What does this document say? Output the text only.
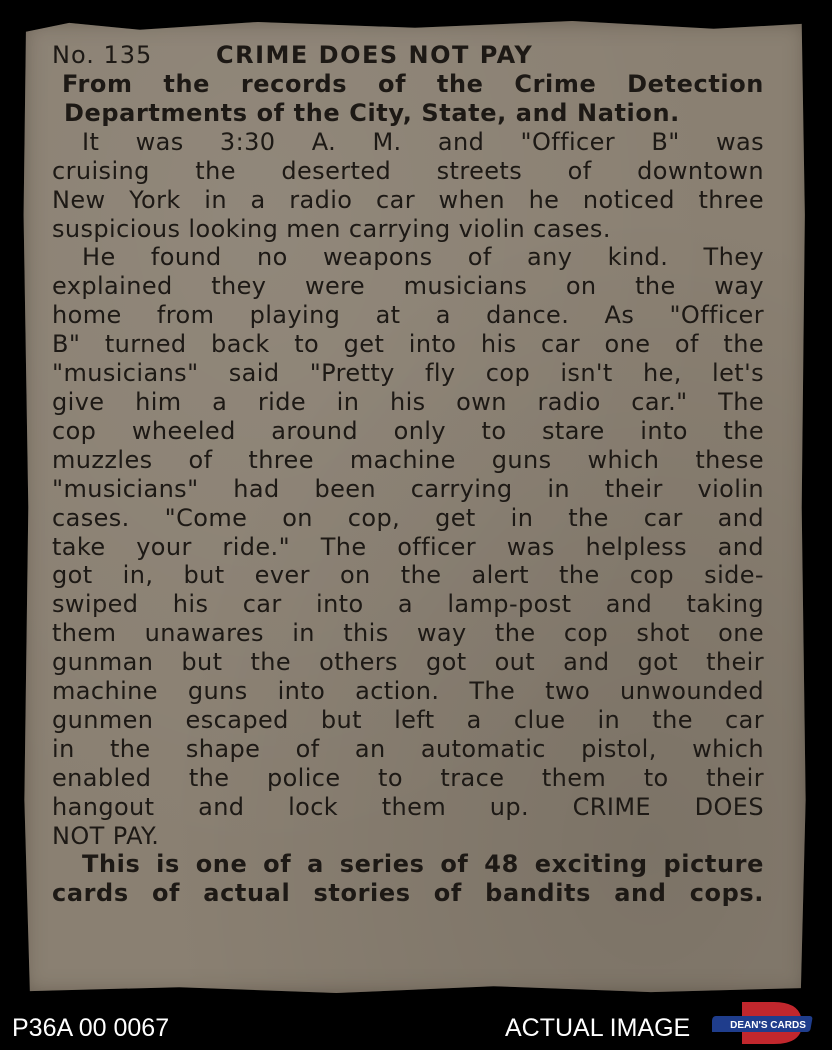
No. 135	CRIME DOES NOT PAY
From the records of the Crime Detection
Departments of the City, State, and Nation.
It was 3:30 A. M. and "Officer B" was
cruising the deserted streets of downtown
New York in a radio car when he noticed three
suspicious looking men carrying violin cases.
He found no weapons of any kind. They
explained they were musicians on the way
home from playing at a dance. As "Officer
B" turned back to get into his car one of the
"musicians" said "Pretty fly cop isn't he, let's
give him a ride in his own radio car." The
cop wheeled around only to stare into the
muzzles of three machine guns which these
"musicians" had been carrying in their violin
cases. "Come on cop, get in the car and
take your ride." The officer was helpless and
got in, but ever on the alert the cop side-
swiped his car into a lamp-post and taking
them unawares in this way the cop shot one
gunman but the others got out and got their
machine guns into action. The two unwounded
gunmen escaped but left a clue in the car
in the shape of an automatic pistol, which
enabled the police to trace them to their
hangout and lock them up. CRIME DOES
NOT PAY.
This is one of a series of 48 exciting picture
cards of actual stories of bandits and cops.
P36A 00 0067	ACTUAL IMAGE	DEAN'S CARDS
